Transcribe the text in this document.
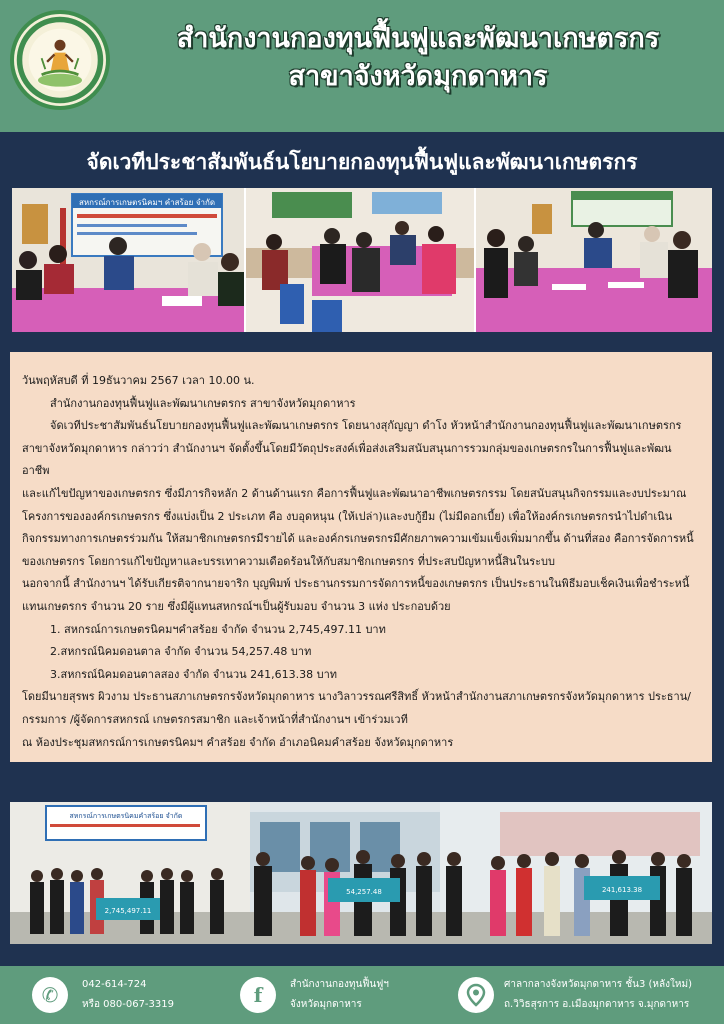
สำนักงานกองทุนฟื้นฟูและพัฒนาเกษตรกร
สาขาจังหวัดมุกดาหาร
จัดเวทีประชาสัมพันธ์นโยบายกองทุนฟื้นฟูและพัฒนาเกษตรกร
สหกรณ์การเกษตรนิคมฯ คำสร้อย จำกัด

วันพฤหัสบดี ที่ 19ธันวาคม 2567 เวลา 10.00 น.

สำนักงานกองทุนฟื้นฟูและพัฒนาเกษตรกร สาขาจังหวัดมุกดาหาร

จัดเวทีประชาสัมพันธ์นโยบายกองทุนฟื้นฟูและพัฒนาเกษตรกร โดยนางสุกัญญา ดำโง หัวหน้าสำนักงานกองทุนฟื้นฟูและพัฒนาเกษตรกร

สาขาจังหวัดมุกดาหาร กล่าวว่า สำนักงานฯ จัดตั้งขึ้นโดยมีวัตถุประสงค์เพื่อส่งเสริมสนับสนุนการรวมกลุ่มของเกษตรกรในการฟื้นฟูและพัฒนอาชีพ

และแก้ไขปัญหาของเกษตรกร ซึ่งมีภารกิจหลัก 2 ด้านด้านแรก คือการฟื้นฟูและพัฒนาอาชีพเกษตรกรรม โดยสนับสนุนกิจกรรมและงบประมาณ

โครงการขององค์กรเกษตรกร ซึ่งแบ่งเป็น 2 ประเภท คือ งบอุดหนุน (ให้เปล่า)และงบกู้ยืม (ไม่มีดอกเบี้ย) เพื่อให้องค์กรเกษตรกรนำไปดำเนิน

กิจกรรมทางการเกษตรร่วมกัน ให้สมาชิกเกษตรกรมีรายได้ และองค์กรเกษตรกรมีศักยภาพความเข้มแข็งเพิ่มมากขึ้น ด้านที่สอง คือการจัดการหนี้

ของเกษตรกร โดยการแก้ไขปัญหาและบรรเทาความเดือดร้อนให้กับสมาชิกเกษตรกร ที่ประสบปัญหาหนี้สินในระบบ

นอกจากนี้ สำนักงานฯ ได้รับเกียรติจากนายจาริก บุญพิมพ์ ประธานกรรมการจัดการหนี้ของเกษตรกร เป็นประธานในพิธีมอบเช็คเงินเพื่อชำระหนี้

แทนเกษตรกร จำนวน 20 ราย ซึ่งมีผู้แทนสหกรณ์ฯเป็นผู้รับมอบ จำนวน 3 แห่ง ประกอบด้วย

1. สหกรณ์การเกษตรนิคมฯคำสร้อย จำกัด จำนวน 2,745,497.11 บาท

2.สหกรณ์นิคมดอนตาล จำกัด จำนวน 54,257.48 บาท

3.สหกรณ์นิคมดอนตาลสอง จำกัด จำนวน 241,613.38 บาท

โดยมีนายสุรพร ผิวงาม ประธานสภาเกษตรกรจังหวัดมุกดาหาร นางวิลาวรรณศรีสิทธิ์ หัวหน้าสำนักงานสภาเกษตรกรจังหวัดมุกดาหาร ประธาน/

กรรมการ /ผู้จัดการสหกรณ์ เกษตรกรสมาชิก และเจ้าหน้าที่สำนักงานฯ เข้าร่วมเวที

ณ ห้องประชุมสหกรณ์การเกษตรนิคมฯ คำสร้อย จำกัด อำเภอนิคมคำสร้อย จังหวัดมุกดาหาร

สหกรณ์การเกษตรนิคมคำสร้อย จำกัด
2,745,497.11
54,257.48	241,613.38
✆	042-614-724
หรือ 080-067-3319	f	สำนักงานกองทุนฟื้นฟูฯ
จังหวัดมุกดาหาร
ศาลากลางจังหวัดมุกดาหาร ชั้น3 (หลังใหม่)
ถ.วิวิธสุรการ อ.เมืองมุกดาหาร จ.มุกดาหาร
